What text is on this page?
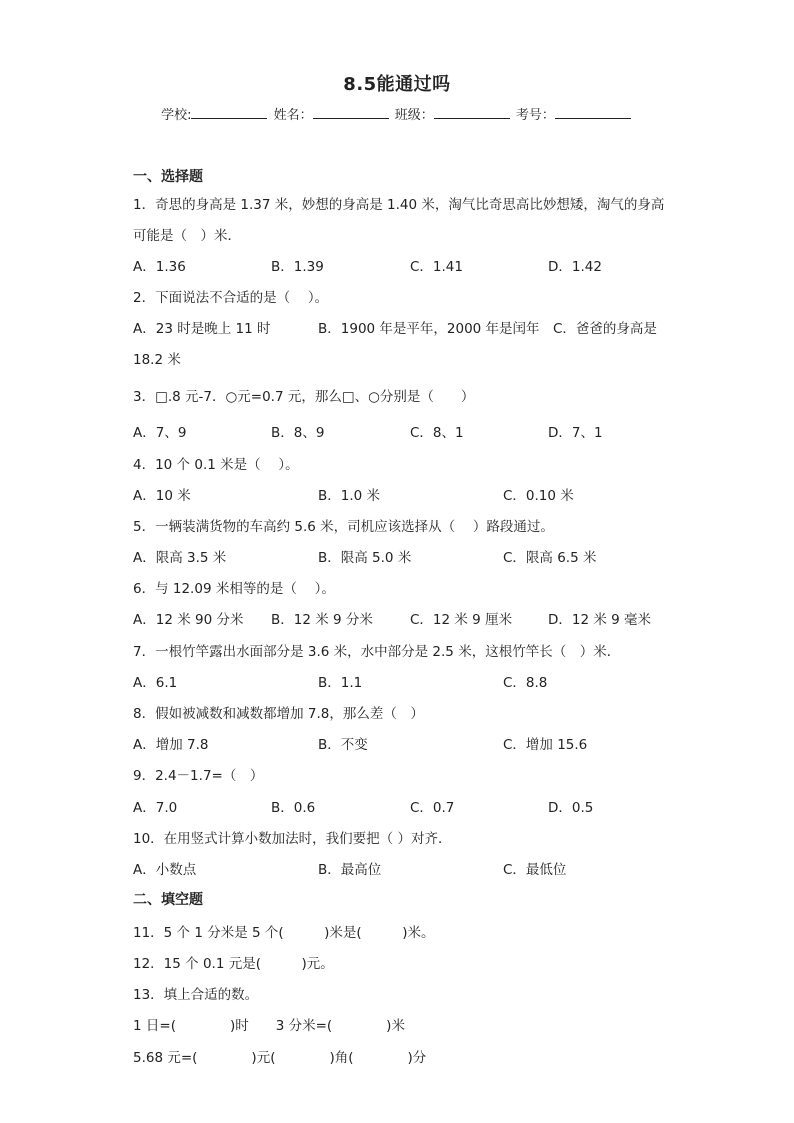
8.5能通过吗
学校:	姓名：	班级：	考号：
一、选择题
1．奇思的身高是 1.37 米，妙想的身高是 1.40 米，淘气比奇思高比妙想矮，淘气的身高
可能是（　）米．
A．1.36	B．1.39	C．1.41	D．1.42
2．下面说法不合适的是（　 ）。
A．23 时是晚上 11 时	B．1900 年是平年，2000 年是闰年 C．爸爸的身高是
18.2 米
3．□.8 元-7．○元=0.7 元，那么□、○分别是（　　）
A．7、9	B．8、9	C．8、1	D．7、1
4．10 个 0.1 米是（　 ）。
A．10 米	B．1.0 米	C．0.10 米
5．一辆装满货物的车高约 5.6 米，司机应该选择从（　 ）路段通过。
A．限高 3.5 米	B．限高 5.0 米	C．限高 6.5 米
6．与 12.09 米相等的是（　 ）。
A．12 米 90 分米 B．12 米 9 分米	C．12 米 9 厘米	D．12 米 9 毫米
7．一根竹竿露出水面部分是 3.6 米，水中部分是 2.5 米，这根竹竿长（　）米．
A．6.1	B．1.1	C．8.8
8．假如被减数和减数都增加 7.8，那么差（　）
A．增加 7.8	B．不变	C．增加 15.6
9．2.4－1.7=（　）
A．7.0	B．0.6	C．0.7	D．0.5
10．在用竖式计算小数加法时，我们要把（ ）对齐．
A．小数点	B．最高位	C．最低位
二、填空题
11．5 个 1 分米是 5 个(　　　)米是(　　　)米。
12．15 个 0.1 元是(　　　)元。
13．填上合适的数。
1 日=(　　　　)时　　3 分米=(　　　　)米
5.68 元=(　　　　)元(　　　　)角(　　　　)分
